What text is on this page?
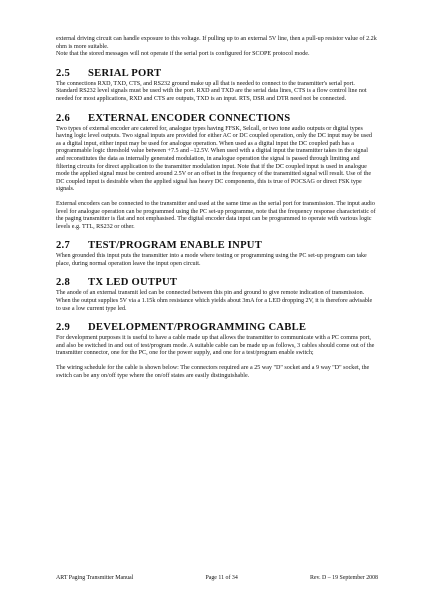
external driving circuit can handle exposure to this voltage. If pulling up to an external 5V line, then a pull-up resistor value of 2.2k ohm is more suitable.

Note that the stored messages will not operate if the serial port is configured for SCOPE protocol mode.

2.5	SERIAL PORT

The connections RXD, TXD, CTS, and RS232 ground make up all that is needed to connect to the transmitter's serial port. Standard RS232 level signals must be used with the port. RXD and TXD are the serial data lines, CTS is a flow control line not needed for most applications, RXD and CTS are outputs, TXD is an input. RTS, DSR and DTR need not be connected.

2.6	EXTERNAL ENCODER CONNECTIONS

Two types of external encoder are catered for, analogue types having FFSK, Selcall, or two tone audio outputs or digital types having logic level outputs. Two signal inputs are provided for either AC or DC coupled operation, only the DC input may be used as a digital input, either input may be used for analogue operation. When used as a digital input the DC coupled path has a programmable logic threshold value between +7.5 and –12.5V. When used with a digital input the transmitter takes in the signal and reconstitutes the data as internally generated modulation, in analogue operation the signal is passed through limiting and filtering circuits for direct application to the transmitter modulation input. Note that if the DC coupled input is used in analogue mode the applied signal must be centred around 2.5V or an offset in the frequency of the transmitted signal will result. Use of the DC coupled input is desirable when the applied signal has heavy DC components, this is true of POCSAG or direct FSK type signals.

External encoders can be connected to the transmitter and used at the same time as the serial port for transmission. The input audio level for analogue operation can be programmed using the PC set-up programme, note that the frequency response characteristic of the paging transmitter is flat and not emphasised. The digital encoder data input can be programmed to operate with various logic levels e.g. TTL, RS232 or other.

2.7	TEST/PROGRAM ENABLE INPUT

When grounded this input puts the transmitter into a mode where testing or programming using the PC set-up program can take place, during normal operation leave the input open circuit.

2.8	TX LED OUTPUT

The anode of an external transmit led can be connected between this pin and ground to give remote indication of transmission. When the output supplies 5V via a 1.15k ohm resistance which yields about 3mA for a LED dropping 2V, it is therefore advisable to use a low current type led.

2.9	DEVELOPMENT/PROGRAMMING CABLE

For development purposes it is useful to have a cable made up that allows the transmitter to communicate with a PC comms port, and also be switched in and out of test/program mode. A suitable cable can be made up as follows, 3 cables should come out of the transmitter connector, one for the PC, one for the power supply, and one for a test/program enable switch;

The wiring schedule for the cable is shown below: The connectors required are a 25 way "D" socket and a 9 way "D" socket, the switch can be any on/off type where the on/off states are easily distinguishable.

ART Paging Transmitter Manual	Page 11 of 34	Rev. D – 19 September 2008
